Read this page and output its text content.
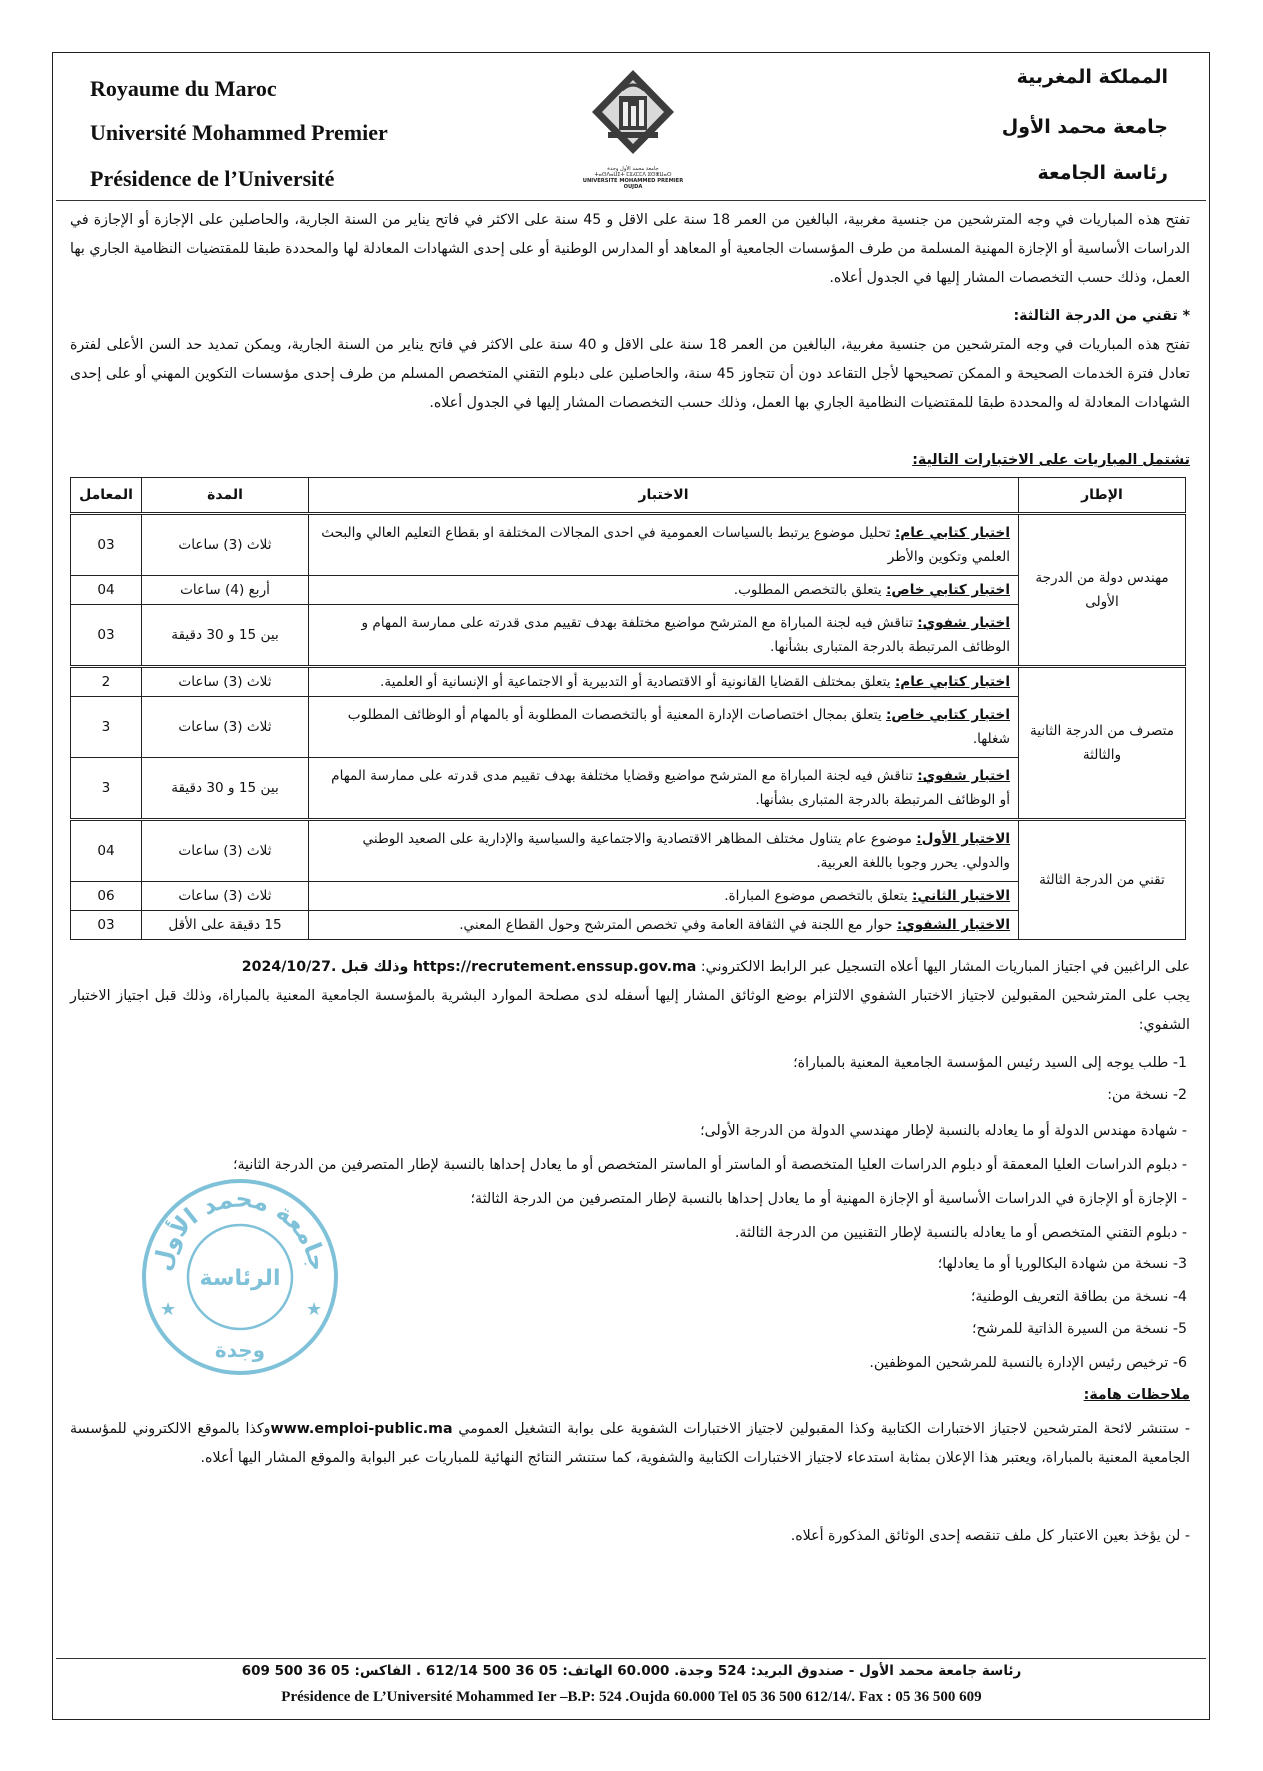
Royaume du Maroc
Université Mohammed Premier
Présidence de l’Université
المملكة المغربية
جامعة محمد الأول
رئاسة الجامعة
جامعة محمد الأول وجدة
ⵜⴰⵙⴷⴰⵡⵉⵜ ⵎⵓⵃⵎⵎⴷ ⵓⵙⵣⵡⴰⵔ
UNIVERSITE MOHAMMED PREMIER OUJDA
تفتح هذه المباريات في وجه المترشحين من جنسية مغربية، البالغين من العمر 18 سنة على الاقل و 45 سنة على الاكثر في فاتح يناير من السنة الجارية، والحاصلين على الإجازة أو الإجازة في الدراسات الأساسية أو الإجازة المهنية المسلمة من طرف المؤسسات الجامعية أو المعاهد أو المدارس الوطنية أو على إحدى الشهادات المعادلة لها والمحددة طبقا للمقتضيات النظامية الجاري بها العمل، وذلك حسب التخصصات المشار إليها في الجدول أعلاه.
* تقني من الدرجة الثالثة:
تفتح هذه المباريات في وجه المترشحين من جنسية مغربية، البالغين من العمر 18 سنة على الاقل و 40 سنة على الاكثر في فاتح يناير من السنة الجارية، ويمكن تمديد حد السن الأعلى لفترة تعادل فترة الخدمات الصحيحة و الممكن تصحيحها لأجل التقاعد دون أن تتجاوز 45 سنة، والحاصلين على دبلوم التقني المتخصص المسلم من طرف إحدى مؤسسات التكوين المهني أو على إحدى الشهادات المعادلة له والمحددة طبقا للمقتضيات النظامية الجاري بها العمل، وذلك حسب التخصصات المشار إليها في الجدول أعلاه.
تشتمل المباريات على الاختبارات التالية:
الإطار	الاختبار	المدة	المعامل
مهندس دولة من الدرجة الأولى	اختبار كتابي عام: تحليل موضوع يرتبط بالسياسات العمومية في احدى المجالات المختلفة او بقطاع التعليم العالي والبحث العلمي وتكوين والأطر	ثلاث (3) ساعات	03
	اختبار كتابي خاص: يتعلق بالتخصص المطلوب.	أربع (4) ساعات	04
	اختبار شفوي: تناقش فيه لجنة المباراة مع المترشح مواضيع مختلفة بهدف تقييم مدى قدرته على ممارسة المهام و الوظائف المرتبطة بالدرجة المتبارى بشأنها.	بين 15 و 30 دقيقة	03
متصرف من الدرجة الثانية والثالثة	اختبار كتابي عام: يتعلق بمختلف القضايا القانونية أو الاقتصادية أو التدبيرية أو الاجتماعية أو الإنسانية أو العلمية.	ثلاث (3) ساعات	2
	اختبار كتابي خاص: يتعلق بمجال اختصاصات الإدارة المعنية أو بالتخصصات المطلوبة أو بالمهام أو الوظائف المطلوب شغلها.	ثلاث (3) ساعات	3
	اختبار شفوي: تناقش فيه لجنة المباراة مع المترشح مواضيع وقضايا مختلفة بهدف تقييم مدى قدرته على ممارسة المهام أو الوظائف المرتبطة بالدرجة المتبارى بشأنها.	بين 15 و 30 دقيقة	3
تقني من الدرجة الثالثة	الاختبار الأول: موضوع عام يتناول مختلف المظاهر الاقتصادية والاجتماعية والسياسية والإدارية على الصعيد الوطني والدولي. يحرر وجوبا باللغة العربية.	ثلاث (3) ساعات	04
	الاختبار الثاني: يتعلق بالتخصص موضوع المباراة.	ثلاث (3) ساعات	06
	الاختبار الشفوي: حوار مع اللجنة في الثقافة العامة وفي تخصص المترشح وحول القطاع المعني.	15 دقيقة على الأقل	03
على الراغبين في اجتياز المباريات المشار اليها أعلاه التسجيل عبر الرابط الالكتروني: https://recrutement.enssup.gov.ma وذلك قبل 2024/10/27.
يجب على المترشحين المقبولين لاجتياز الاختبار الشفوي الالتزام بوضع الوثائق المشار إليها أسفله لدى مصلحة الموارد البشرية بالمؤسسة الجامعية المعنية بالمباراة، وذلك قبل اجتياز الاختبار الشفوي:
1- طلب يوجه إلى السيد رئيس المؤسسة الجامعية المعنية بالمباراة؛
2- نسخة من:
- شهادة مهندس الدولة أو ما يعادله بالنسبة لإطار مهندسي الدولة من الدرجة الأولى؛
- دبلوم الدراسات العليا المعمقة أو دبلوم الدراسات العليا المتخصصة أو الماستر أو الماستر المتخصص أو ما يعادل إحداها بالنسبة لإطار المتصرفين من الدرجة الثانية؛
- الإجازة أو الإجازة في الدراسات الأساسية أو الإجازة المهنية أو ما يعادل إحداها بالنسبة لإطار المتصرفين من الدرجة الثالثة؛
- دبلوم التقني المتخصص أو ما يعادله بالنسبة لإطار التقنيين من الدرجة الثالثة.
3- نسخة من شهادة البكالوريا أو ما يعادلها؛
4- نسخة من بطاقة التعريف الوطنية؛
5- نسخة من السيرة الذاتية للمرشح؛
6- ترخيص رئيس الإدارة بالنسبة للمرشحين الموظفين.
ملاحظات هامة:
- ستنشر لائحة المترشحين لاجتياز الاختبارات الكتابية وكذا المقبولين لاجتياز الاختبارات الشفوية على بوابة التشغيل العمومي www.emploi-public.maوكذا بالموقع الالكتروني للمؤسسة الجامعية المعنية بالمباراة، ويعتبر هذا الإعلان بمثابة استدعاء لاجتياز الاختبارات الكتابية والشفوية، كما ستنشر النتائج النهائية للمباريات عبر البوابة والموقع المشار اليها أعلاه.
- لن يؤخذ بعين الاعتبار كل ملف تنقصه إحدى الوثائق المذكورة أعلاه.
جامعة محمد الأول
الرئاسة
وجدة
★	★
رئاسة جامعة محمد الأول - صندوق البريد: 524 وجدة. 60.000 الهاتف: 05 36 500 612/14 . الفاكس: 05 36 500 609
Présidence de L’Université Mohammed Ier –B.P: 524 .Oujda 60.000 Tel 05 36 500 612/14/. Fax : 05 36 500 609
